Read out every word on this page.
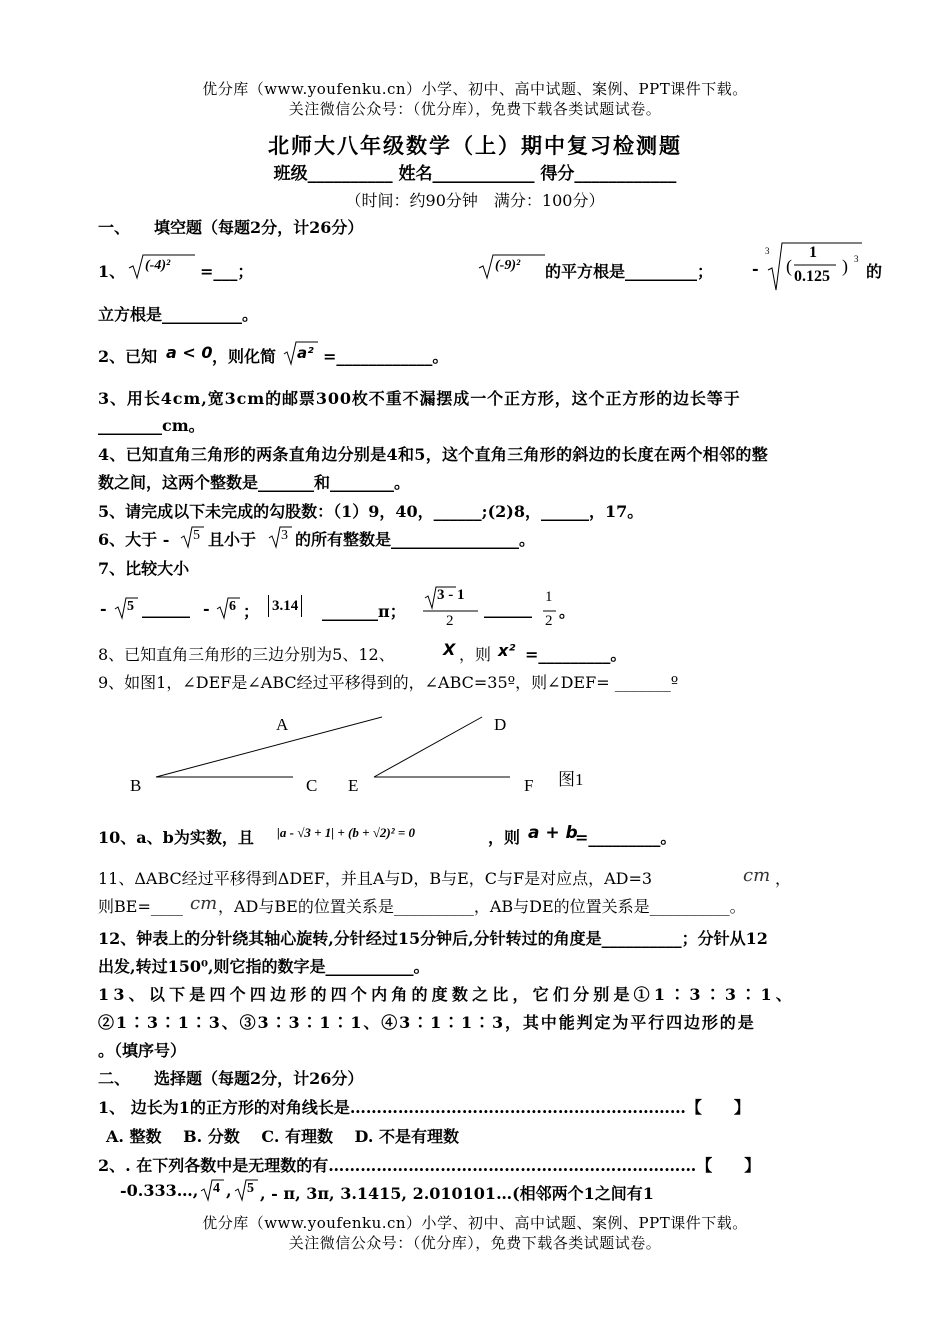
优分库（www.youfenku.cn）小学、初中、高中试题、案例、PPT课件下载。
关注微信公众号：（优分库），免费下载各类试题试卷。
北师大八年级数学（上）期中复习检测题
班级__________ 姓名____________ 得分____________
（时间：约90分钟　满分：100分）
一、　　填空题（每题2分，计26分）
1、 (-4)² =___；	(-9)² 的平方根是_________； -
3
(	) 3
1
0.125 的
立方根是__________。
2、已知 a < 0 ，则化简 a² =____________。
3、用长4cm,宽3cm的邮票300枚不重不漏摆成一个正方形，这个正方形的边长等于
________cm。
4、已知直角三角形的两条直角边分别是4和5，这个直角三角形的斜边的长度在两个相邻的整
数之间，这两个整数是_______和________。
5、请完成以下未完成的勾股数：（1）9，40，______;(2)8，______，17。
6、大于 - 5 且小于 3 的所有整数是________________。
7、比较大小
- 5 ______ - 6 ； 3.14 _______π；
3 - 1
2
______
1
2 。
8、已知直角三角形的三边分别为5、12、	X ，则 x² =_________。
9、如图1，∠DEF是∠ABC经过平移得到的，∠ABC=35º，则∠DEF= _______º
A
B	C
D
E	F 图1
10、a、b为实数，且 |a - √3 + 1| + (b + √2)² = 0	，则 a + b
=_________。
11、ΔABC经过平移得到ΔDEF，并且A与D，B与E，C与F是对应点，AD=3	cm ，
则BE=____ cm ，AD与BE的位置关系是__________，AB与DE的位置关系是__________。
12、钟表上的分针绕其轴心旋转,分针经过15分钟后,分针转过的角度是__________；分针从12
出发,转过150⁰,则它指的数字是___________。
13、以下是四个四边形的四个内角的度数之比，它们分别是①1∶3∶3∶1、
②1∶3∶1∶3、③3∶3∶1∶1、④3∶1∶1∶3，其中能判定为平行四边形的是
。（填序号）
二、　　选择题（每题2分，计26分）
1、 边长为1的正方形的对角线长是………………………………………………………【　　】
A. 整数　 B. 分数　 C. 有理数　 D. 不是有理数
2、. 在下列各数中是无理数的有……………………………………………………………【　　】
-0.333…, 4 , 5 , - π, 3π, 3.1415, 2.010101…(相邻两个1之间有1
优分库（www.youfenku.cn）小学、初中、高中试题、案例、PPT课件下载。
关注微信公众号：（优分库），免费下载各类试题试卷。
